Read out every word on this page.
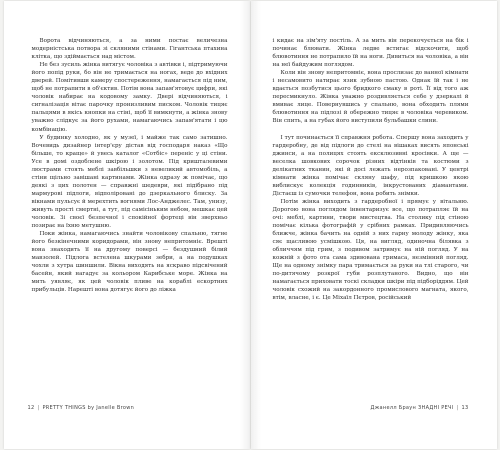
Ворота відчиняються, а за ними постає величезна модерністська потвора зі скляними стінами. Гігантська птахина клітка, що здіймається над містом.

Не без зусиль жінка витягує чоловіка з автівки і, підтримуючи його попід руки, бо він не тримається на ногах, веде до вхідних дверей. Помітивши камеру спостереження, намагається під ним, щоб не потрапити в об'єктив. Потім вона запам'ятовує цифри, які чоловік набирає на кодовому замку. Двері відчиняються, і сигналізація вітає парочку пронизливим писком. Чоловік тицяє пальцями в якісь кнопки на стіні, щоб її вимкнути, а жінка знову уважно слідкує за його рухами, намагаючись запам'ятати і цю комбінацію.

У будинку холодно, як у музеї, і майже так само затишно. Вочевидь дизайнер інтер'єру дістав від господаря наказ «Що більше, то краще» й увесь каталог «Сотбіс» переніс у ці стіни. Усе в домі оздоблене шкірою і золотом. Під кришталевими люстрами стоять меблі завбільшки з невеликий автомобіль, а стіни щільно завішані картинами. Жінка одразу ж помічає, що деякі з цих полотен — справжні шедеври, які підібрано під мармурові підлоги, відполіровані до дзеркального блиску. За вікнами пульсує й мерехтить вогнями Лос-Анджелес. Там, унизу, живуть прості смертні, а тут, під самісіньким небом, мешкає цей чоловік. Зі своєї безпечної і спокійної фортеці він зверхньо позирає на їхню метушню.

Поки жінка, намагаючись знайти чоловікову спальню, тягне його безкінечними коридорами, він знову непритомніє. Врешті вона знаходить її на другому поверсі — бездушний білий мавзолей. Підлога встелена шкурами зебри, а на подушках чохли з хутра шиншили. Вікна виходять на яскраво підсвічений басейн, який нагадує за кольором Карибське море. Жінка на мить уявляє, як цей чоловік пливе на кораблі ескортних прибульців. Нарешті вона дотягує його до ліжка

12 | PRETTY THINGS by Janelle Brown

і кидає на зім'яту постіль. А за мить він перекочується на бік і починає блювати. Жінка ледве встигає відскочити, щоб блювотиння не потрапило їй на ноги. Дивиться на чоловіка, а він на неї байдужим поглядом.

Коли він знову непритомніє, вона прослизає до ванної кімнати і несамовито натирає язик зубною пастою. Однак їй так і не вдається позбутися цього бридкого смаку в роті. Її від того аж пересмикнуло. Жінка уважно роздивляється себе у дзеркалі й вмиває лице. Повернувшись у спальню, вона обходить плями блювотиння на підлозі й обережно тицяє в чоловіка черевиком. Він спить, а на губах його виступили бульбашки слини.

І тут починається її справжня робота. Спершу вона заходить у гардеробну, де від підлоги до стелі на вішаках висять японські джинси, а на полицях стоять ексклюзивні кросівки. А ще — веселка шовкових сорочок різних відтінків та костюми з делікатних тканин, які й досі лежать нерозпаковані. У центрі кімнати жінка помічає скляну шафу, під кришкою якою виблискує колекція годинників, інкрустованих діамантами. Дістаєш із сумочки телефон, вона робить знімки.

Потім жінка виходить з гардеробної і прямує у вітальню. Дорогою вона поглядом інвентаризує все, що потрапляє їй на очі: меблі, картини, твори мистецтва. На столику під стіною помічає кілька фотографій у срібних рамках. Придивляючись ближче, жінка бачить на одній з них гарну молоду жінку, яка сяє щасливою усмішкою. Ця, на вигляд, одиночна білявка з обличчям під грим, з подивом затримує на ній погляд. У на кожній з фото ота сама здивована гримаса, незмінний погляд. Ще на одному знімку пара тримається за руки на тлі старого, чи по-дитячому розкрої губи розплутаного. Видно, що він намагається приховати тоскі складки шкіри під підборіддям. Цей чоловік схожий на закордонного промислового магната, якого, втім, власне, і є. Це Міхаїл Пєтров, російський

Джанелл Браун ЗНАДНІ РЕЧІ | 13
